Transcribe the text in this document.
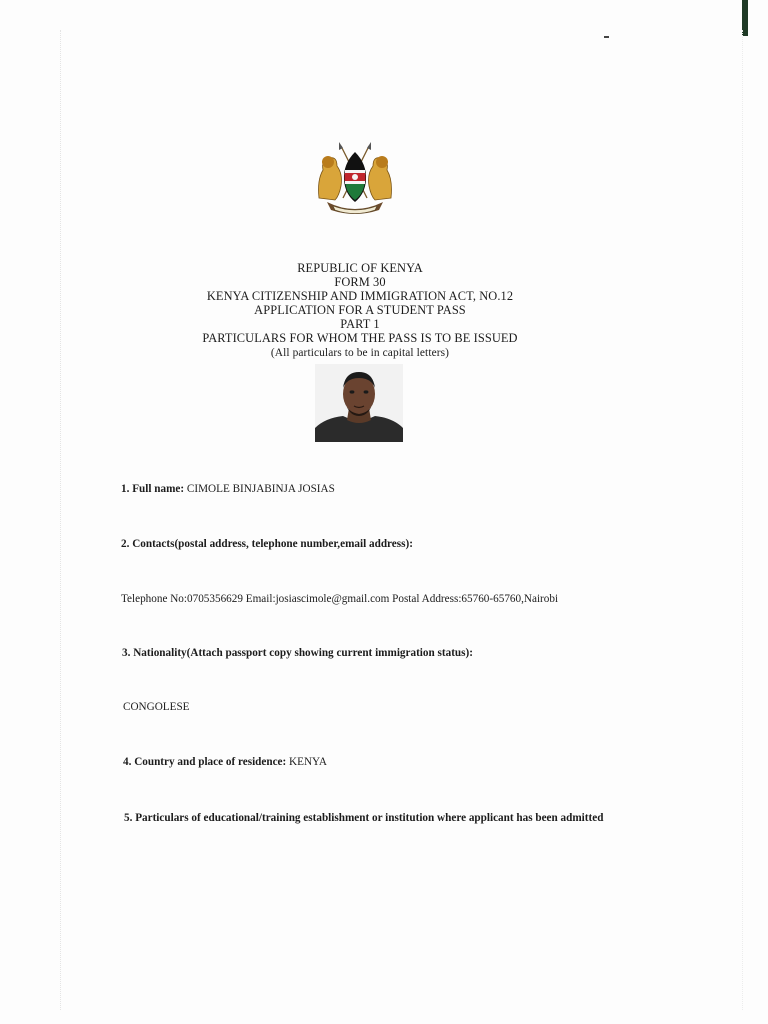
REPUBLIC OF KENYA
FORM 30
KENYA CITIZENSHIP AND IMMIGRATION ACT, NO.12
APPLICATION FOR A STUDENT PASS
PART 1
PARTICULARS FOR WHOM THE PASS IS TO BE ISSUED
(All particulars to be in capital letters)
1. Full name: CIMOLE BINJABINJA JOSIAS
2. Contacts(postal address, telephone number,email address):
Telephone No:0705356629 Email:josiascimole@gmail.com Postal Address:65760-65760,Nairobi
3. Nationality(Attach passport copy showing current immigration status):
CONGOLESE
4. Country and place of residence: KENYA
5. Particulars of educational/training establishment or institution where applicant has been admitted
